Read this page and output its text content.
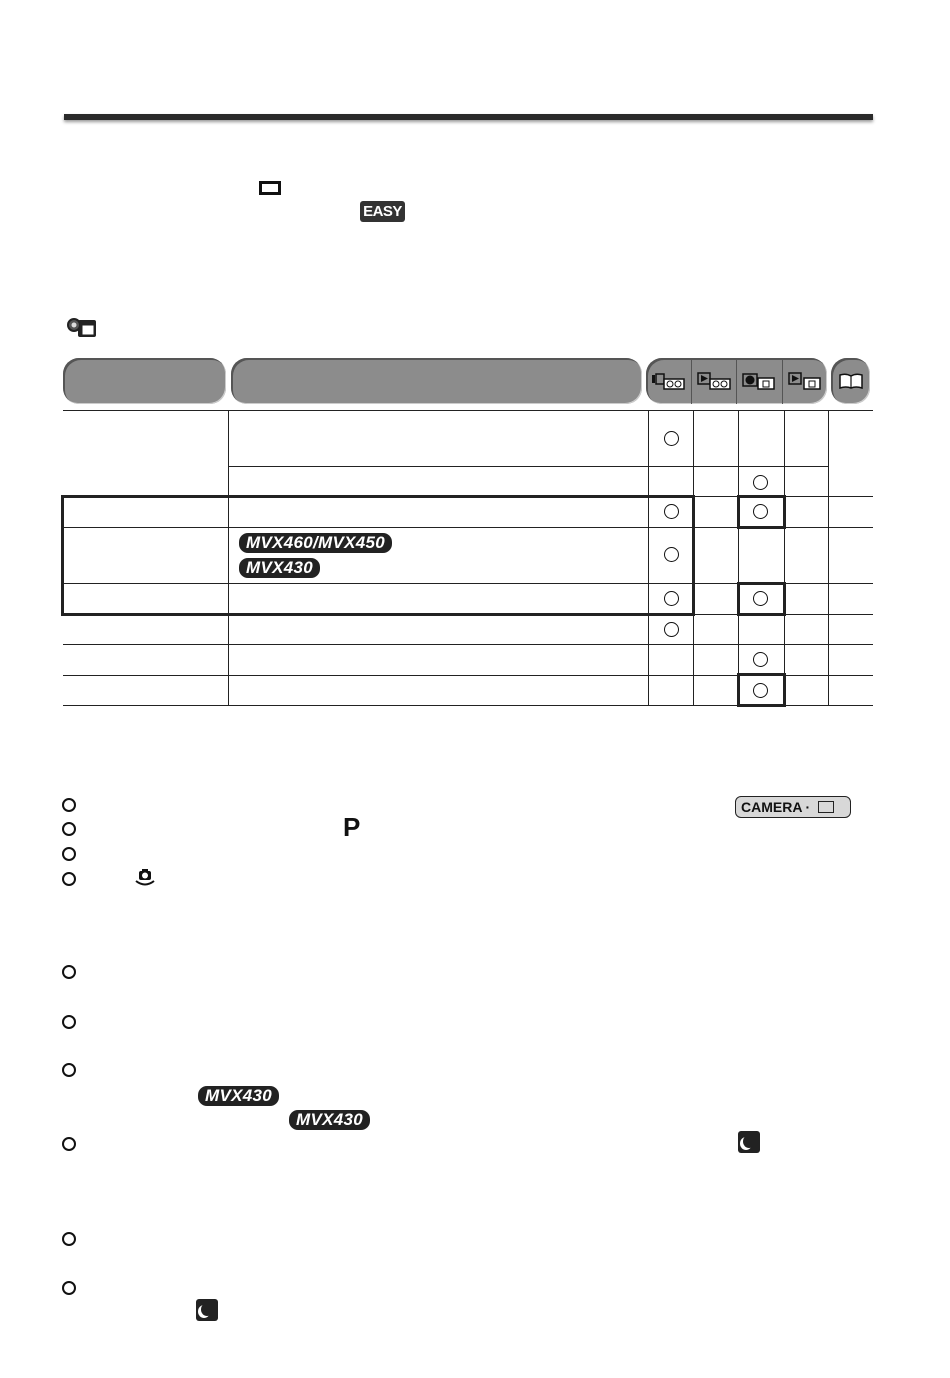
EASY
MVX460/MVX450
MVX430
CAMERA ·
P
MVX430
MVX430
